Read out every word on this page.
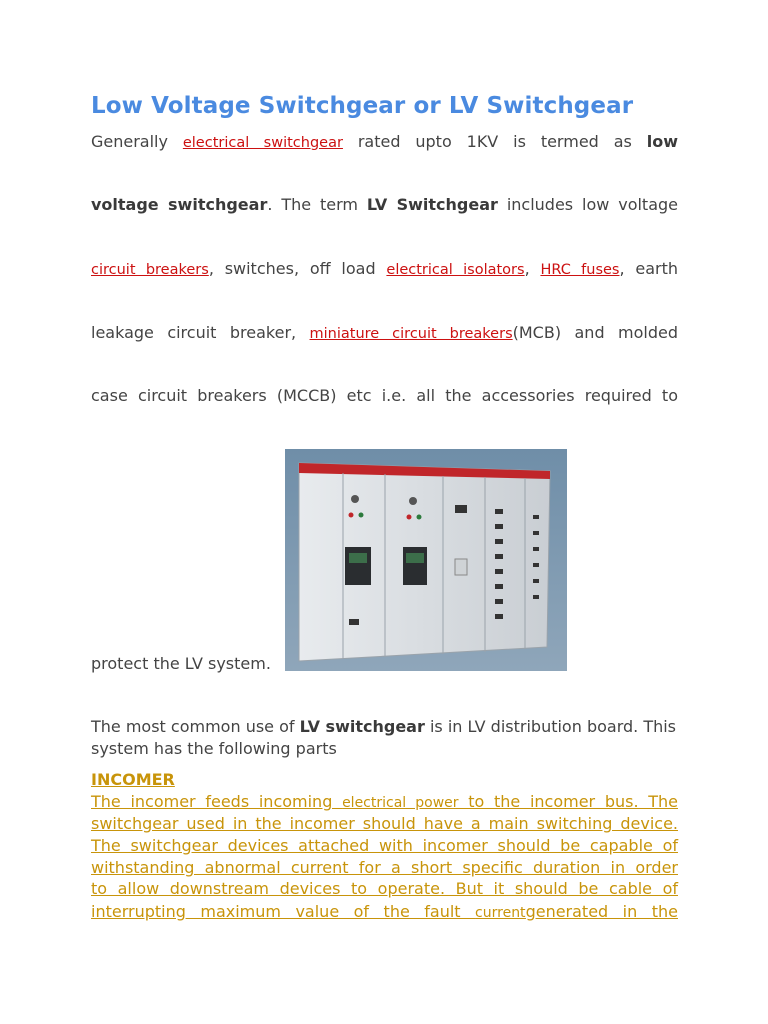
Low Voltage Switchgear or LV Switchgear
Generally electrical switchgear rated upto 1KV is termed as low
voltage switchgear. The term LV Switchgear includes low voltage
circuit breakers, switches, off load electrical isolators, HRC fuses, earth
leakage circuit breaker, miniature circuit breakers(MCB) and molded
case circuit breakers (MCCB) etc i.e. all the accessories required to
protect the LV system.
The most common use of LV switchgear is in LV distribution board. This system has the following parts
INCOMER
The incomer feeds incoming electrical power to the incomer bus. The
switchgear used in the incomer should have a main switching device.
The switchgear devices attached with incomer should be capable of
withstanding abnormal current for a short specific duration in order
to allow downstream devices to operate. But it should be cable of
interrupting maximum value of the fault currentgenerated in the
